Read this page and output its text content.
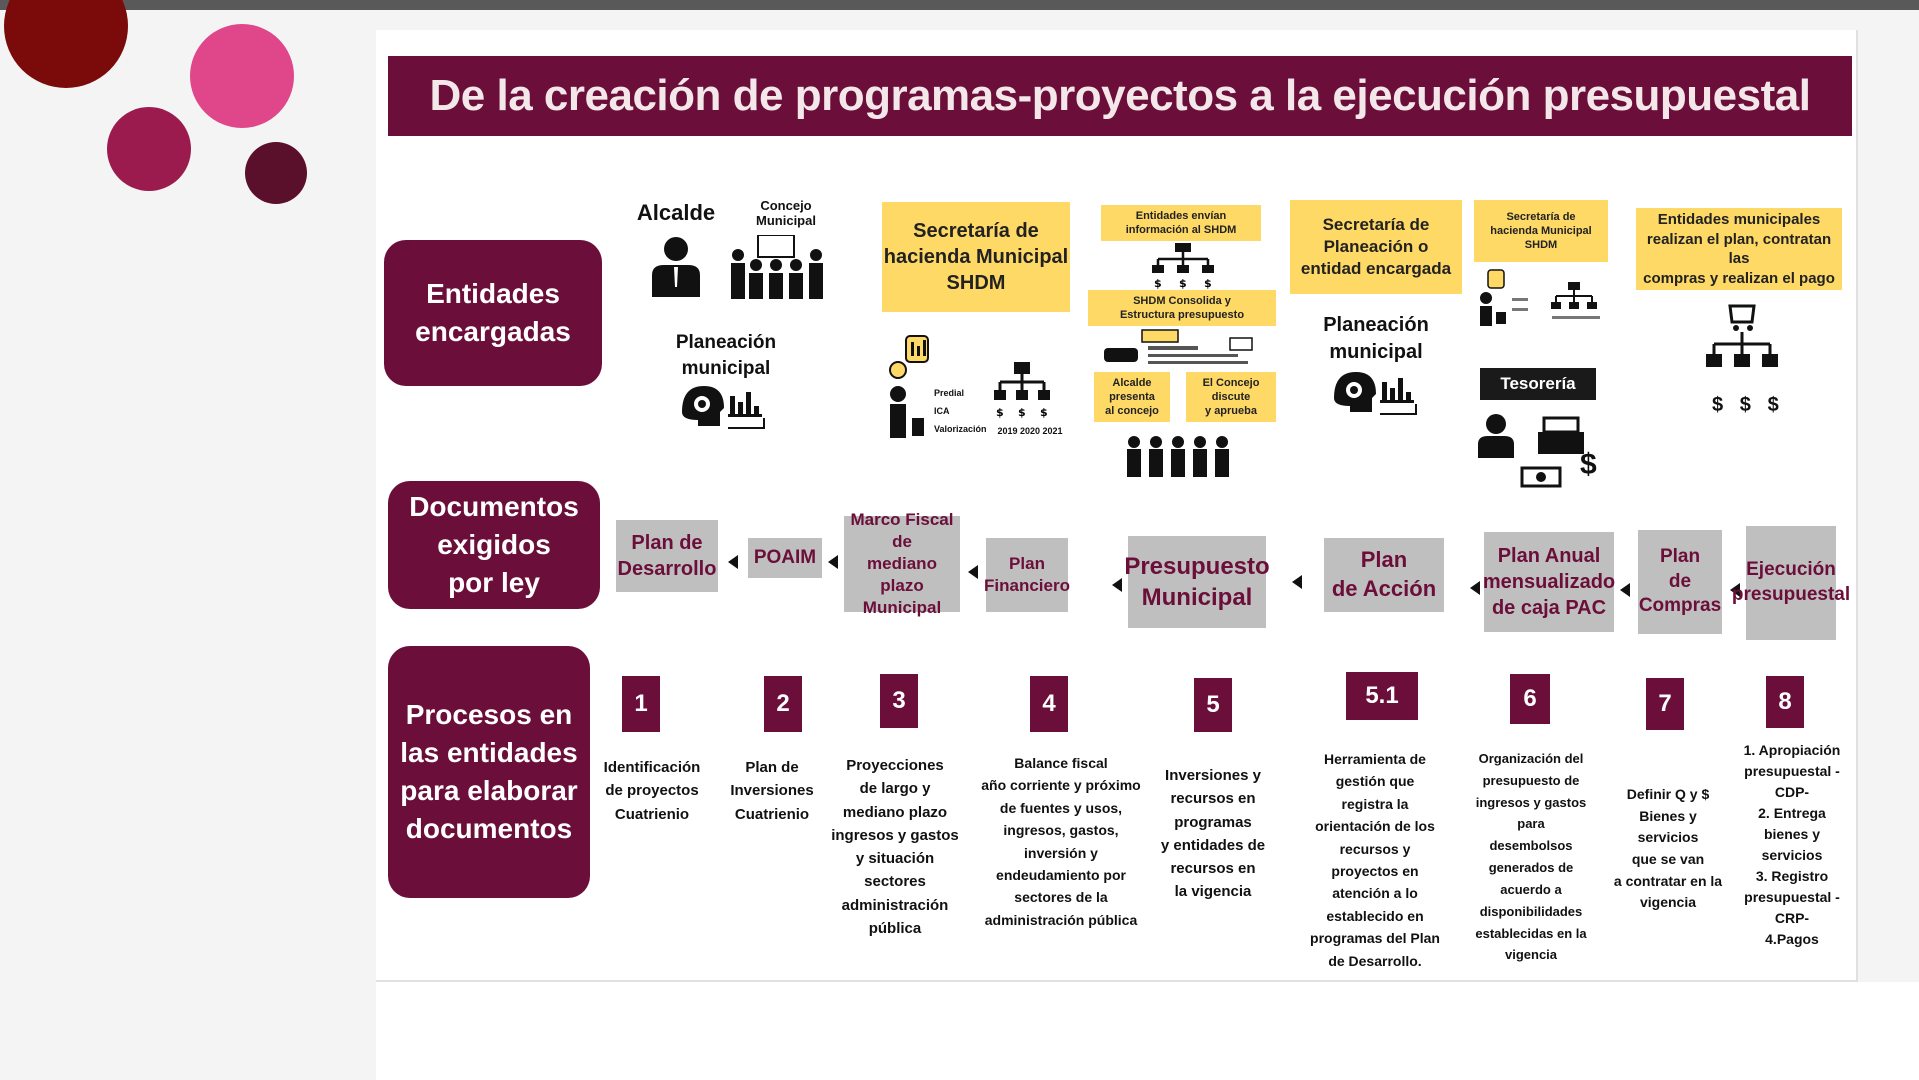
De la creación de programas-proyectos a la ejecución presupuestal
Entidades
encargadas
Documentos
exigidos
por ley
Procesos en
las entidades
para elaborar
documentos
Alcalde	Concejo
Municipal
Planeación
municipal
Secretaría de
hacienda Municipal
SHDM
Predial
ICA
Valorización
$ $ $
2019 2020 2021
Entidades envían
información al SHDM
$ $ $
SHDM Consolida y
Estructura presupuesto
Alcalde
presenta
al concejo
El Concejo
discute
y aprueba
Secretaría de
Planeación o
entidad encargada
Planeación
municipal
Secretaría de
hacienda Municipal
SHDM
Tesorería
$
Entidades municipales
realizan el plan, contratan las
compras y realizan el pago
$   $   $
Plan de
Desarrollo
POAIM
Marco Fiscal de
mediano plazo
Municipal
Plan
Financiero
Presupuesto
Municipal
Plan
de Acción
Plan Anual
mensualizado
de caja PAC
Plan
de Compras
Ejecución
presupuestal
1
Identificación
de proyectos
Cuatrienio
2
Plan de
Inversiones
Cuatrienio
3
Proyecciones
de largo y
mediano plazo
ingresos y gastos
y situación
sectores
administración
pública
4
Balance fiscal
año corriente y próximo
de fuentes y usos,
ingresos, gastos,
inversión y
endeudamiento por
sectores de la
administración pública
5
Inversiones y
recursos en
programas
y entidades de
recursos en
la vigencia
5.1
Herramienta de
gestión que
registra la
orientación de los
recursos y
proyectos en
atención a lo
establecido en
programas del Plan
de Desarrollo.
6
Organización del
presupuesto de
ingresos y gastos
para
desembolsos
generados de
acuerdo a
disponibilidades
establecidas en la
vigencia
7
Definir Q y $
Bienes y
servicios
que se van
a contratar en la
vigencia
8
1. Apropiación
presupuestal -
CDP-
2. Entrega
bienes y
servicios
3. Registro
presupuestal -
CRP-
4.Pagos
